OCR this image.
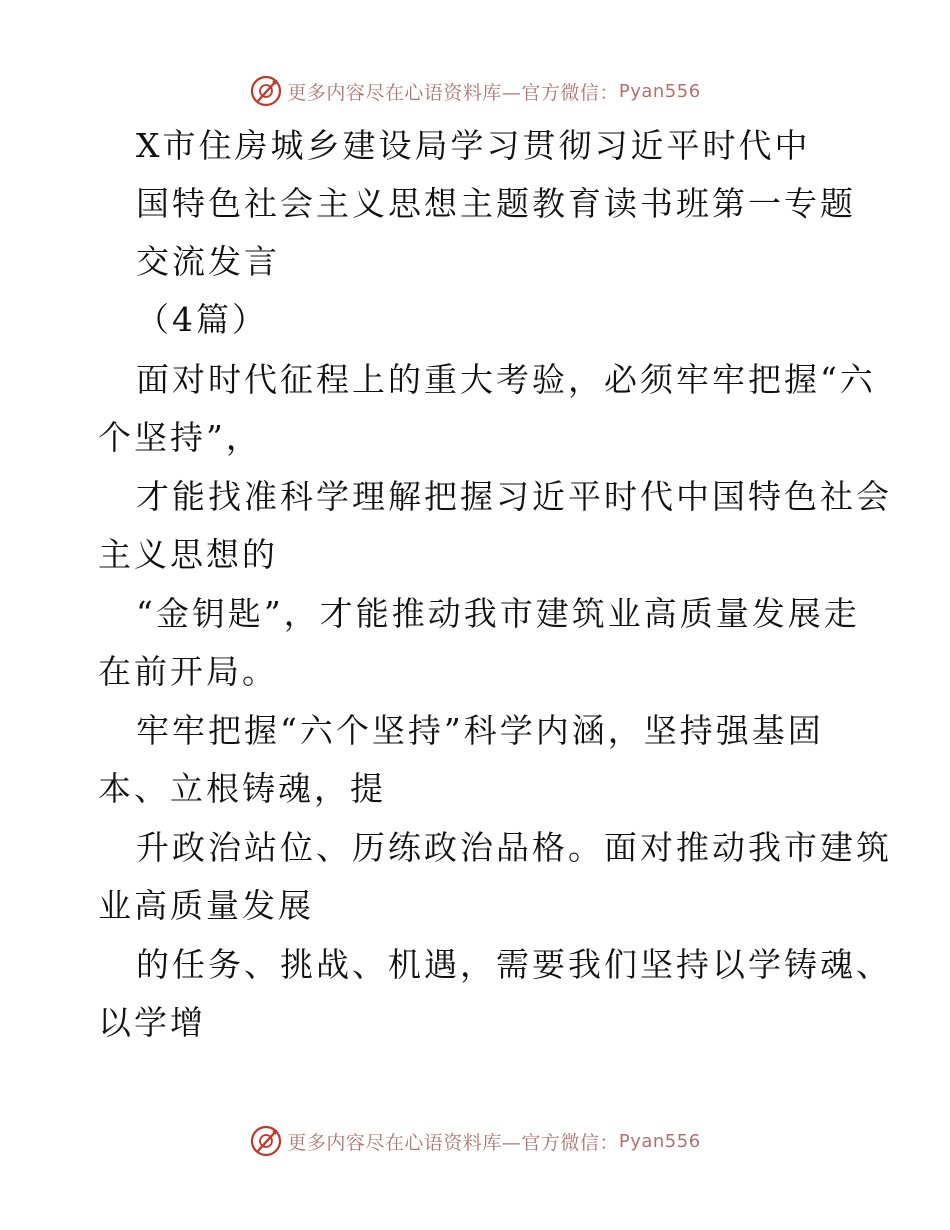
更多内容尽在心语资料库—官方微信： Pyan556
X市住房城乡建设局学习贯彻习近平时代中
国特色社会主义思想主题教育读书班第一专题
交流发言
（4篇）
面对时代征程上的重大考验，必须牢牢把握“六
个坚持”，
才能找准科学理解把握习近平时代中国特色社会
主义思想的
“金钥匙”，才能推动我市建筑业高质量发展走
在前开局。
牢牢把握“六个坚持”科学内涵，坚持强基固
本、立根铸魂，提
升政治站位、历练政治品格。面对推动我市建筑
业高质量发展
的任务、挑战、机遇，需要我们坚持以学铸魂、
以学增
更多内容尽在心语资料库—官方微信： Pyan556
